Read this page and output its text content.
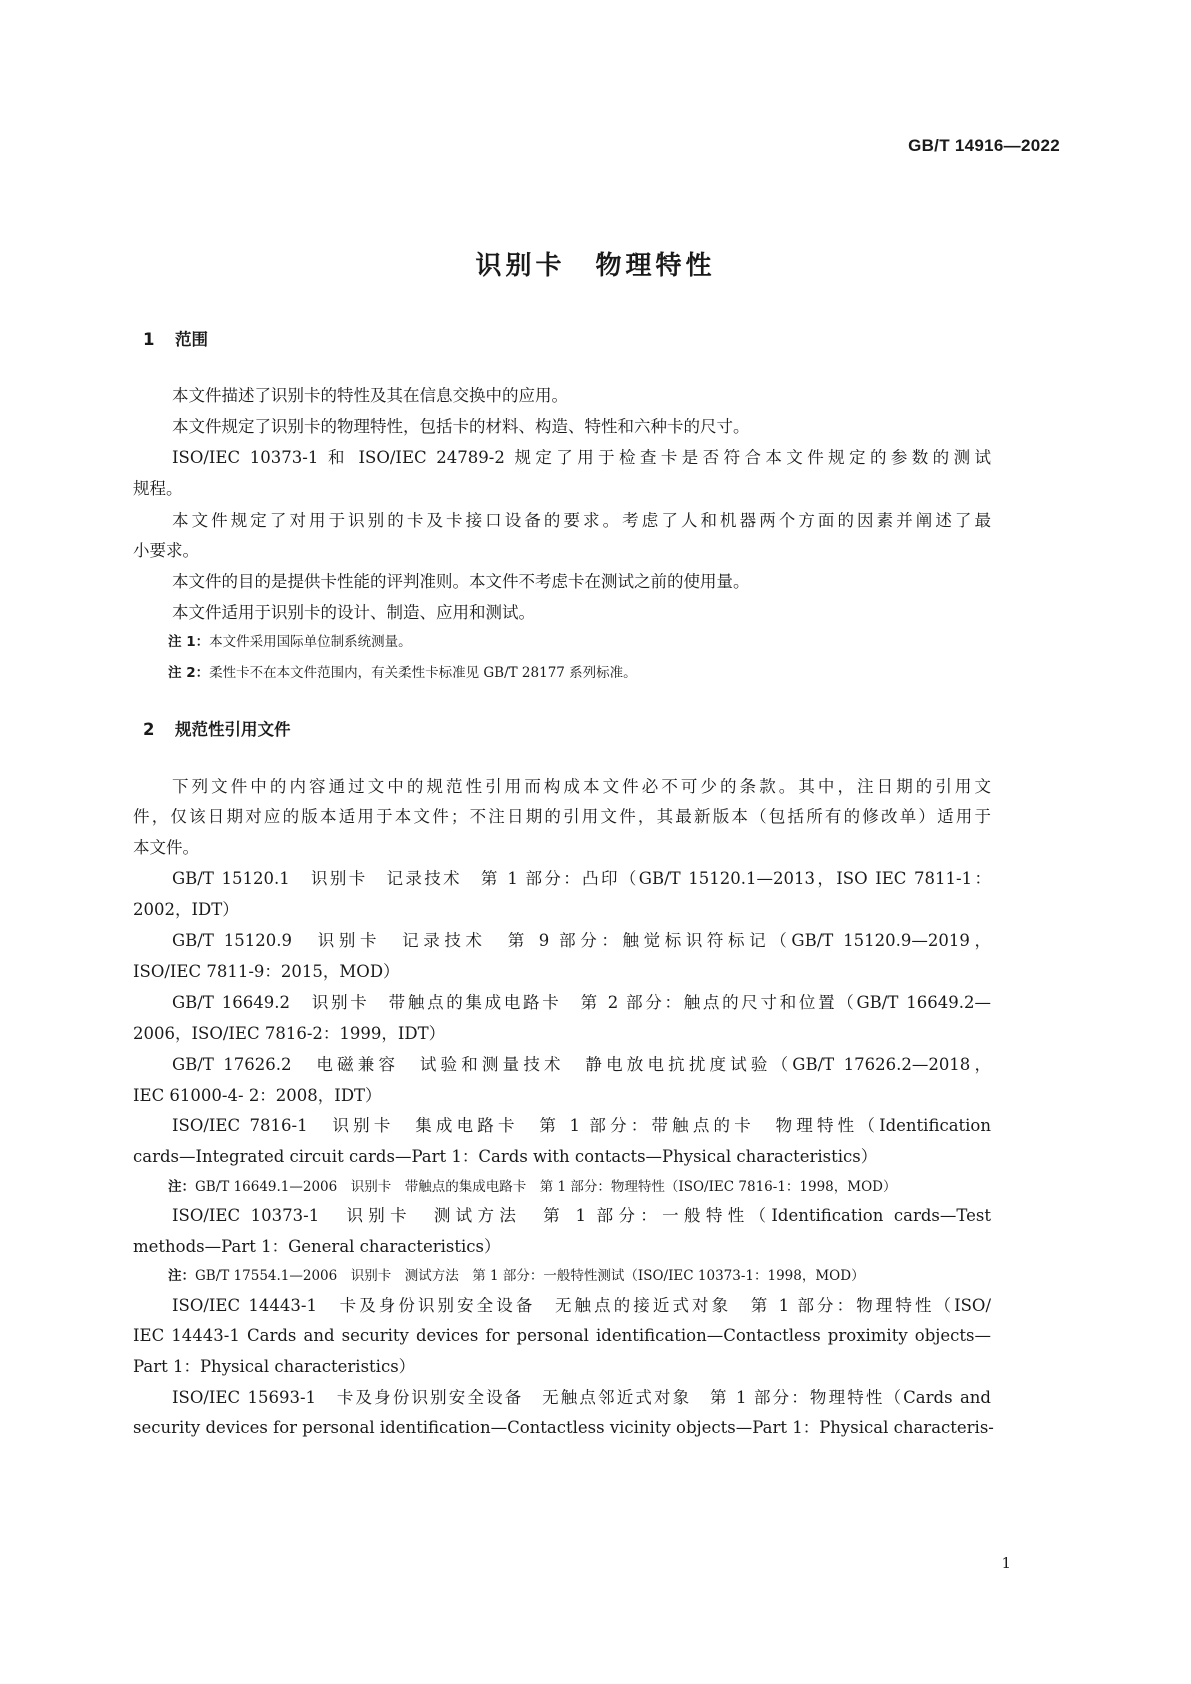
GB/T 14916—2022
识别卡　物理特性
1 范围
本文件描述了识别卡的特性及其在信息交换中的应用。
本文件规定了识别卡的物理特性，包括卡的材料、构造、特性和六种卡的尺寸。
ISO/IEC 10373-1 和 ISO/IEC 24789-2 规定了用于检查卡是否符合本文件规定的参数的测试
规程。
本文件规定了对用于识别的卡及卡接口设备的要求。考虑了人和机器两个方面的因素并阐述了最
小要求。
本文件的目的是提供卡性能的评判准则。本文件不考虑卡在测试之前的使用量。
本文件适用于识别卡的设计、制造、应用和测试。
注 1：本文件采用国际单位制系统测量。
注 2：柔性卡不在本文件范围内，有关柔性卡标准见 GB/T 28177 系列标准。
2 规范性引用文件
下列文件中的内容通过文中的规范性引用而构成本文件必不可少的条款。其中，注日期的引用文
件，仅该日期对应的版本适用于本文件；不注日期的引用文件，其最新版本（包括所有的修改单）适用于
本文件。
GB/T 15120.1　识别卡　记录技术　第 1 部分：凸印（GB/T 15120.1—2013，ISO IEC 7811-1：
2002，IDT）
GB/T 15120.9　识别卡　记录技术　第 9 部分：触觉标识符标记（GB/T 15120.9—2019，
ISO/IEC 7811-9：2015，MOD）
GB/T 16649.2　识别卡　带触点的集成电路卡　第 2 部分：触点的尺寸和位置（GB/T 16649.2—
2006，ISO/IEC 7816-2：1999，IDT）
GB/T 17626.2　电磁兼容　试验和测量技术　静电放电抗扰度试验（GB/T 17626.2—2018，
IEC 61000-4- 2：2008，IDT）
ISO/IEC 7816-1　识别卡　集成电路卡　第 1 部分：带触点的卡　物理特性（Identification
cards—Integrated circuit cards—Part 1：Cards with contacts—Physical characteristics）
注：GB/T 16649.1—2006　识别卡　带触点的集成电路卡　第 1 部分：物理特性（ISO/IEC 7816-1：1998，MOD）
ISO/IEC 10373-1　识别卡　测试方法　第 1 部分：一般特性（Identification cards—Test
methods—Part 1：General characteristics）
注：GB/T 17554.1—2006　识别卡　测试方法　第 1 部分：一般特性测试（ISO/IEC 10373-1：1998，MOD）
ISO/IEC 14443-1　卡及身份识别安全设备　无触点的接近式对象　第 1 部分：物理特性（ISO/
IEC 14443-1 Cards and security devices for personal identification—Contactless proximity objects—
Part 1：Physical characteristics）
ISO/IEC 15693-1　卡及身份识别安全设备　无触点邻近式对象　第 1 部分：物理特性（Cards and
security devices for personal identification—Contactless vicinity objects—Part 1：Physical characteris-
1
